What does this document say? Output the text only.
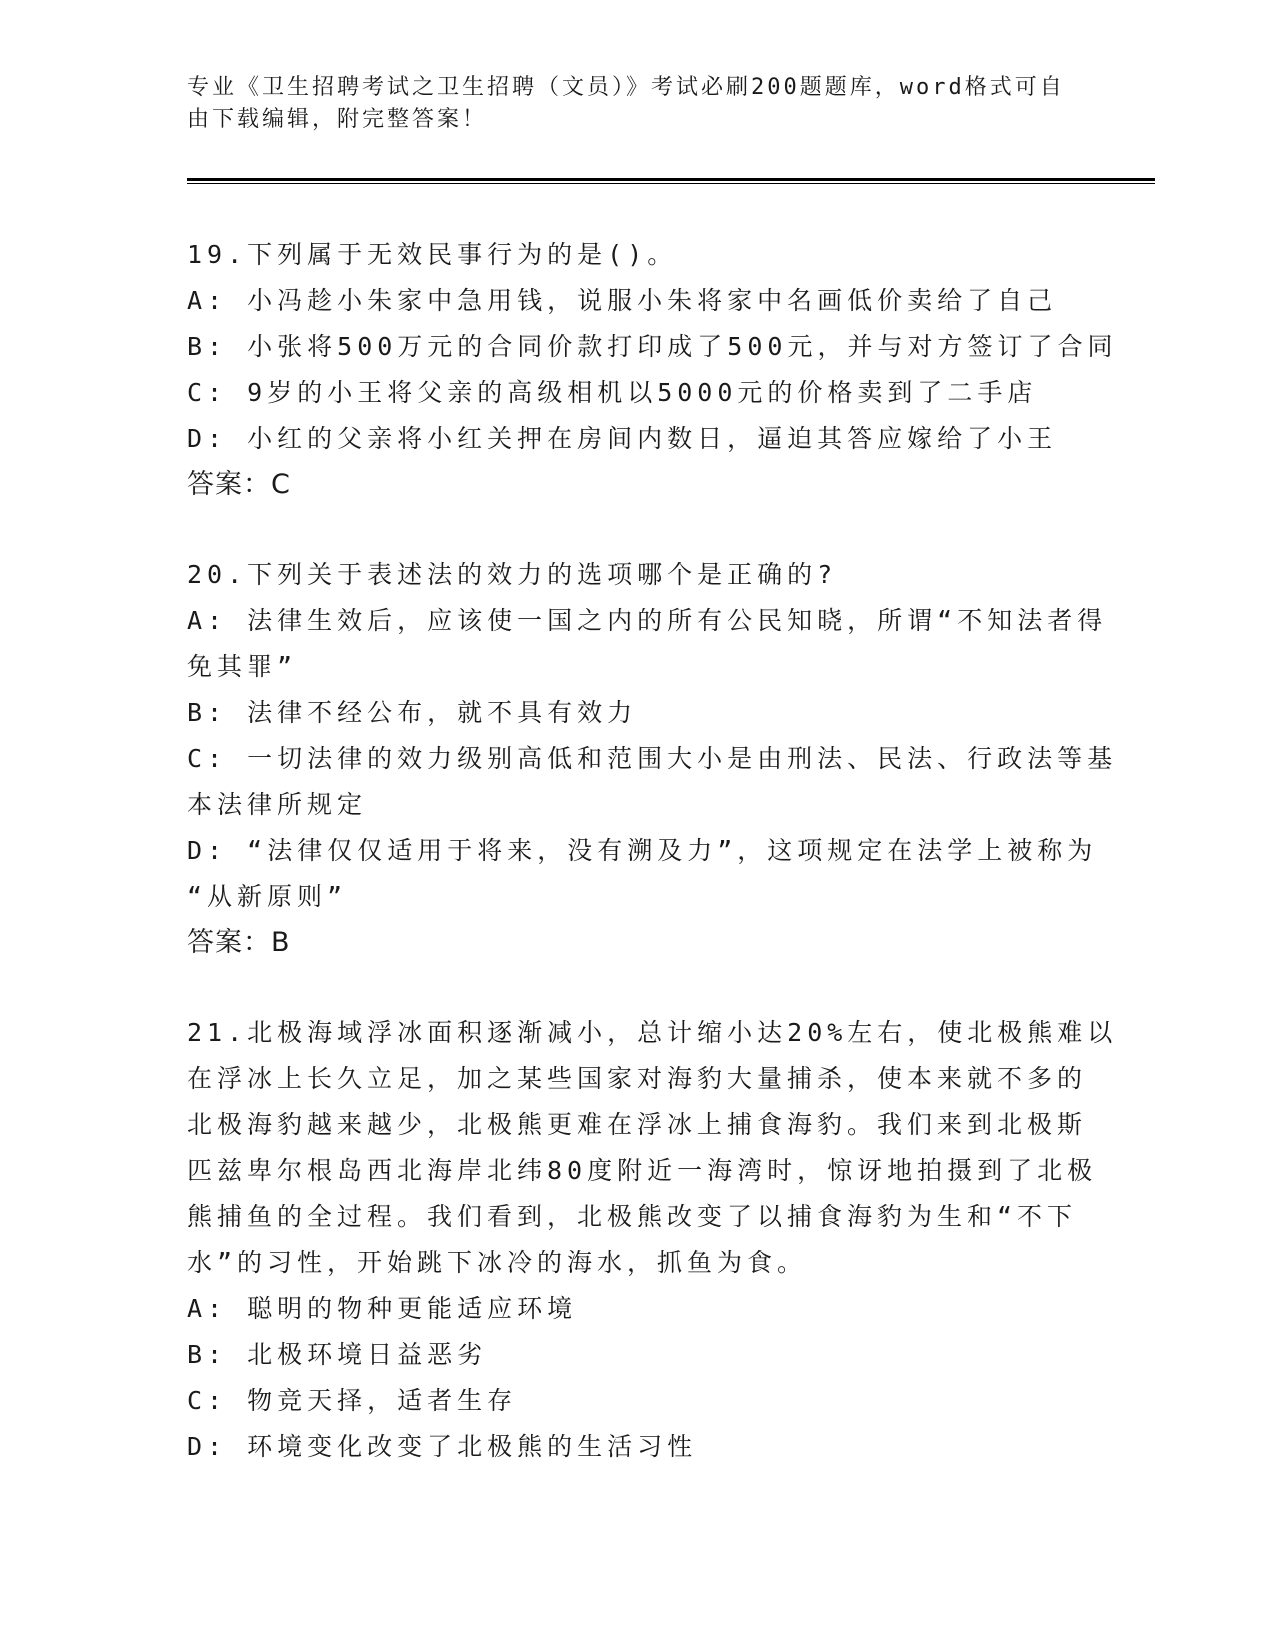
专业《卫生招聘考试之卫生招聘（文员）》考试必刷200题题库，word格式可自
由下载编辑，附完整答案！
19.下列属于无效民事行为的是()。
A: 小冯趁小朱家中急用钱，说服小朱将家中名画低价卖给了自己
B: 小张将500万元的合同价款打印成了500元，并与对方签订了合同
C: 9岁的小王将父亲的高级相机以5000元的价格卖到了二手店
D: 小红的父亲将小红关押在房间内数日，逼迫其答应嫁给了小王
答案：C
20.下列关于表述法的效力的选项哪个是正确的?
A: 法律生效后，应该使一国之内的所有公民知晓，所谓“不知法者得
免其罪”
B: 法律不经公布，就不具有效力
C: 一切法律的效力级别高低和范围大小是由刑法、民法、行政法等基
本法律所规定
D: “法律仅仅适用于将来，没有溯及力”，这项规定在法学上被称为
“从新原则”
答案：B
21.北极海域浮冰面积逐渐减小，总计缩小达20%左右，使北极熊难以
在浮冰上长久立足，加之某些国家对海豹大量捕杀，使本来就不多的
北极海豹越来越少，北极熊更难在浮冰上捕食海豹。我们来到北极斯
匹兹卑尔根岛西北海岸北纬80度附近一海湾时，惊讶地拍摄到了北极
熊捕鱼的全过程。我们看到，北极熊改变了以捕食海豹为生和“不下
水”的习性，开始跳下冰冷的海水，抓鱼为食。
A: 聪明的物种更能适应环境
B: 北极环境日益恶劣
C: 物竞天择，适者生存
D: 环境变化改变了北极熊的生活习性
